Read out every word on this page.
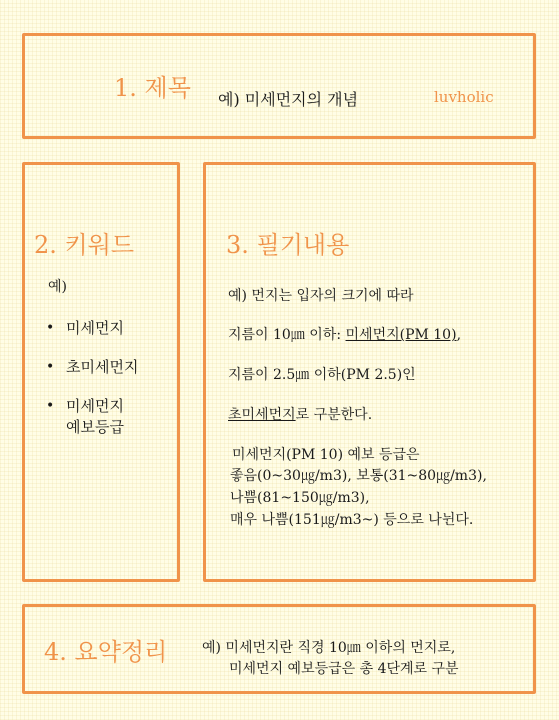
1. 제목 예) 미세먼지의 개념	luvholic
2. 키워드
예)
• 미세먼지
• 초미세먼지
• 미세먼지
예보등급
3. 필기내용
예) 먼지는 입자의 크기에 따라
지름이 10㎛ 이하: 미세먼지(PM 10),
지름이 2.5㎛ 이하(PM 2.5)인
초미세먼지로 구분한다.
미세먼지(PM 10) 예보 등급은
좋음(0~30㎍/m3), 보통(31~80㎍/m3),
나쁨(81~150㎍/m3),
매우 나쁨(151㎍/m3~) 등으로 나뉜다.
4. 요약정리 예) 미세먼지란 직경 10㎛ 이하의 먼지로,
미세먼지 예보등급은 총 4단계로 구분
